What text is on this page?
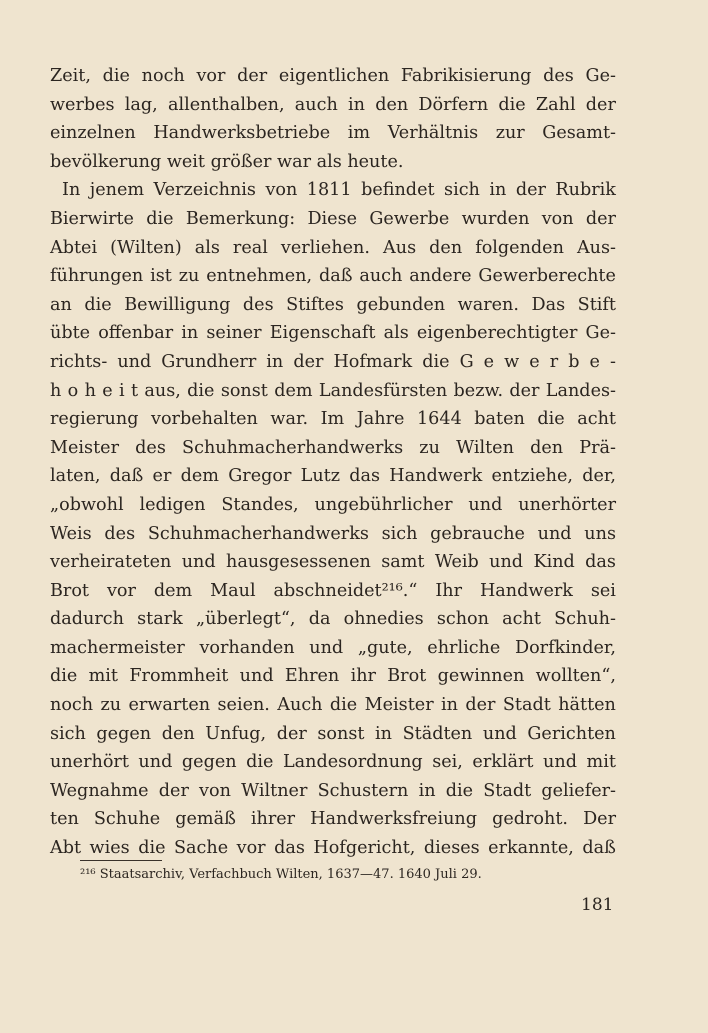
Zeit, die noch vor der eigentlichen Fabrikisierung des Ge-
werbes lag, allenthalben, auch in den Dörfern die Zahl der
einzelnen Handwerksbetriebe im Verhältnis zur Gesamt-
bevölkerung weit größer war als heute.
In jenem Verzeichnis von 1811 befindet sich in der Rubrik
Bierwirte die Bemerkung: Diese Gewerbe wurden von der
Abtei (Wilten) als real verliehen. Aus den folgenden Aus-
führungen ist zu entnehmen, daß auch andere Gewerberechte
an die Bewilligung des Stiftes gebunden waren. Das Stift
übte offenbar in seiner Eigenschaft als eigenberechtigter Ge-
richts- und Grundherr in der Hofmark die G e w e r b e -
h o h e i t aus, die sonst dem Landesfürsten bezw. der Landes-
regierung vorbehalten war. Im Jahre 1644 baten die acht
Meister des Schuhmacherhandwerks zu Wilten den Prä-
laten, daß er dem Gregor Lutz das Handwerk entziehe, der,
„obwohl ledigen Standes, ungebührlicher und unerhörter
Weis des Schuhmacherhandwerks sich gebrauche und uns
verheirateten und hausgesessenen samt Weib und Kind das
Brot vor dem Maul abschneidet²¹⁶.“ Ihr Handwerk sei
dadurch stark „überlegt“, da ohnedies schon acht Schuh-
machermeister vorhanden und „gute, ehrliche Dorfkinder,
die mit Frommheit und Ehren ihr Brot gewinnen wollten“,
noch zu erwarten seien. Auch die Meister in der Stadt hätten
sich gegen den Unfug, der sonst in Städten und Gerichten
unerhört und gegen die Landesordnung sei, erklärt und mit
Wegnahme der von Wiltner Schustern in die Stadt geliefer-
ten Schuhe gemäß ihrer Handwerksfreiung gedroht. Der
Abt wies die Sache vor das Hofgericht, dieses erkannte, daß
²¹⁶ Staatsarchiv, Verfachbuch Wilten, 1637—47. 1640 Juli 29.
181
